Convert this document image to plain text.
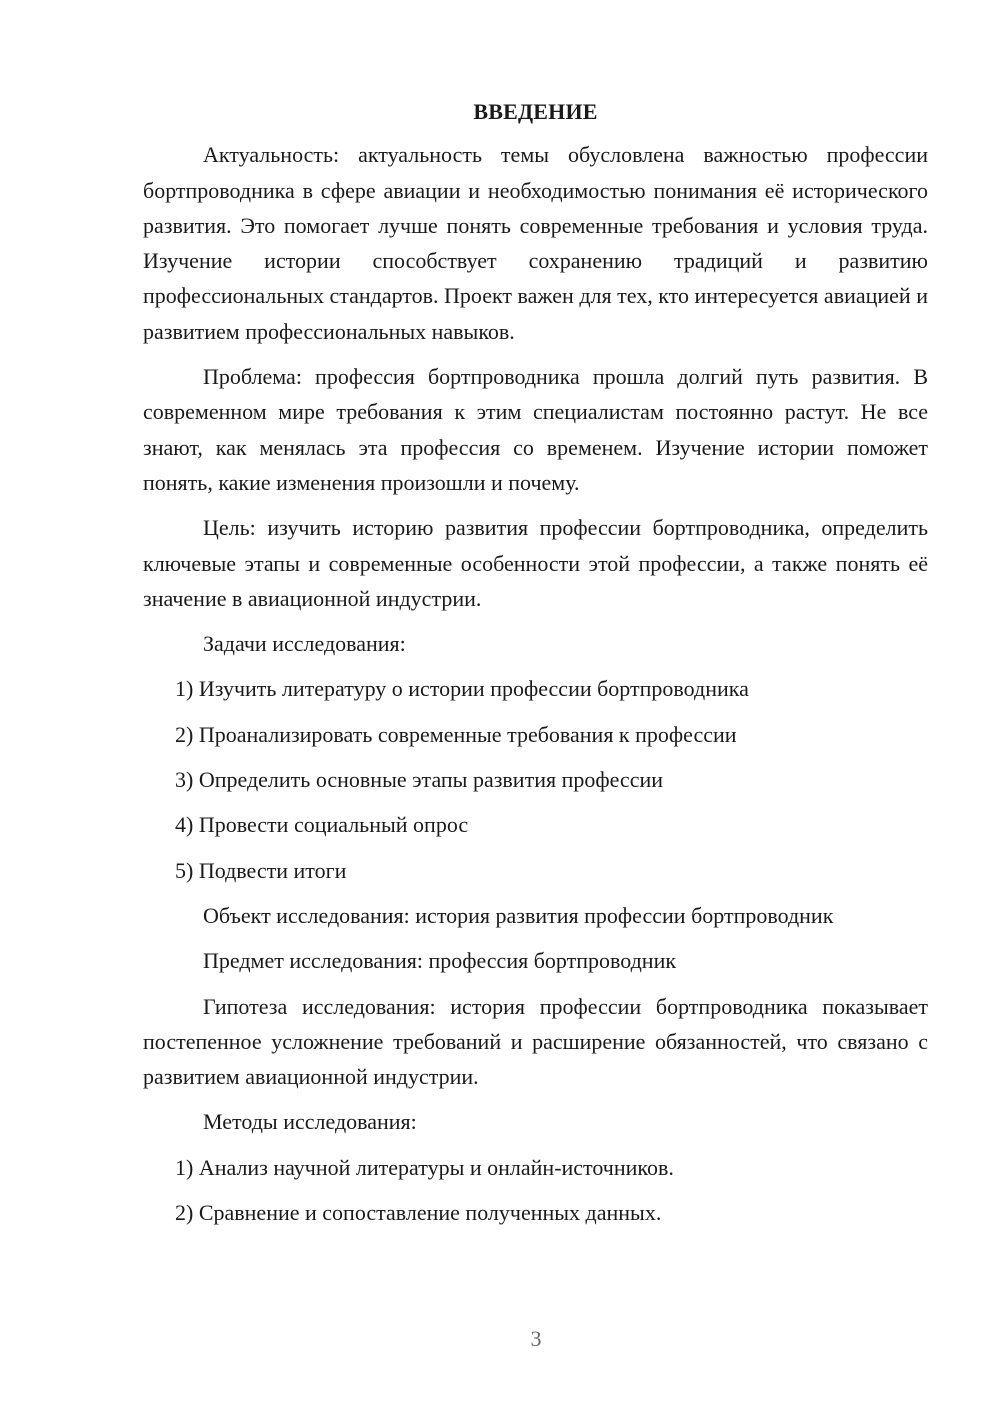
ВВЕДЕНИЕ

Актуальность: актуальность темы обусловлена важностью профессии бортпроводника в сфере авиации и необходимостью понимания её исторического развития. Это помогает лучше понять современные требования и условия труда. Изучение истории способствует сохранению традиций и развитию профессиональных стандартов. Проект важен для тех, кто интересуется авиацией и развитием профессиональных навыков.

Проблема: профессия бортпроводника прошла долгий путь развития. В современном мире требования к этим специалистам постоянно растут. Не все знают, как менялась эта профессия со временем. Изучение истории поможет понять, какие изменения произошли и почему.

Цель: изучить историю развития профессии бортпроводника, определить ключевые этапы и современные особенности этой профессии, а также понять её значение в авиационной индустрии.

Задачи исследования:
1) Изучить литературу о истории профессии бортпроводника
2) Проанализировать современные требования к профессии
3) Определить основные этапы развития профессии
4) Провести социальный опрос
5) Подвести итоги
Объект исследования: история развития профессии бортпроводник
Предмет исследования: профессия бортпроводник

Гипотеза исследования: история профессии бортпроводника показывает постепенное усложнение требований и расширение обязанностей, что связано с развитием авиационной индустрии.

Методы исследования:
1) Анализ научной литературы и онлайн-источников.
2) Сравнение и сопоставление полученных данных.
3
